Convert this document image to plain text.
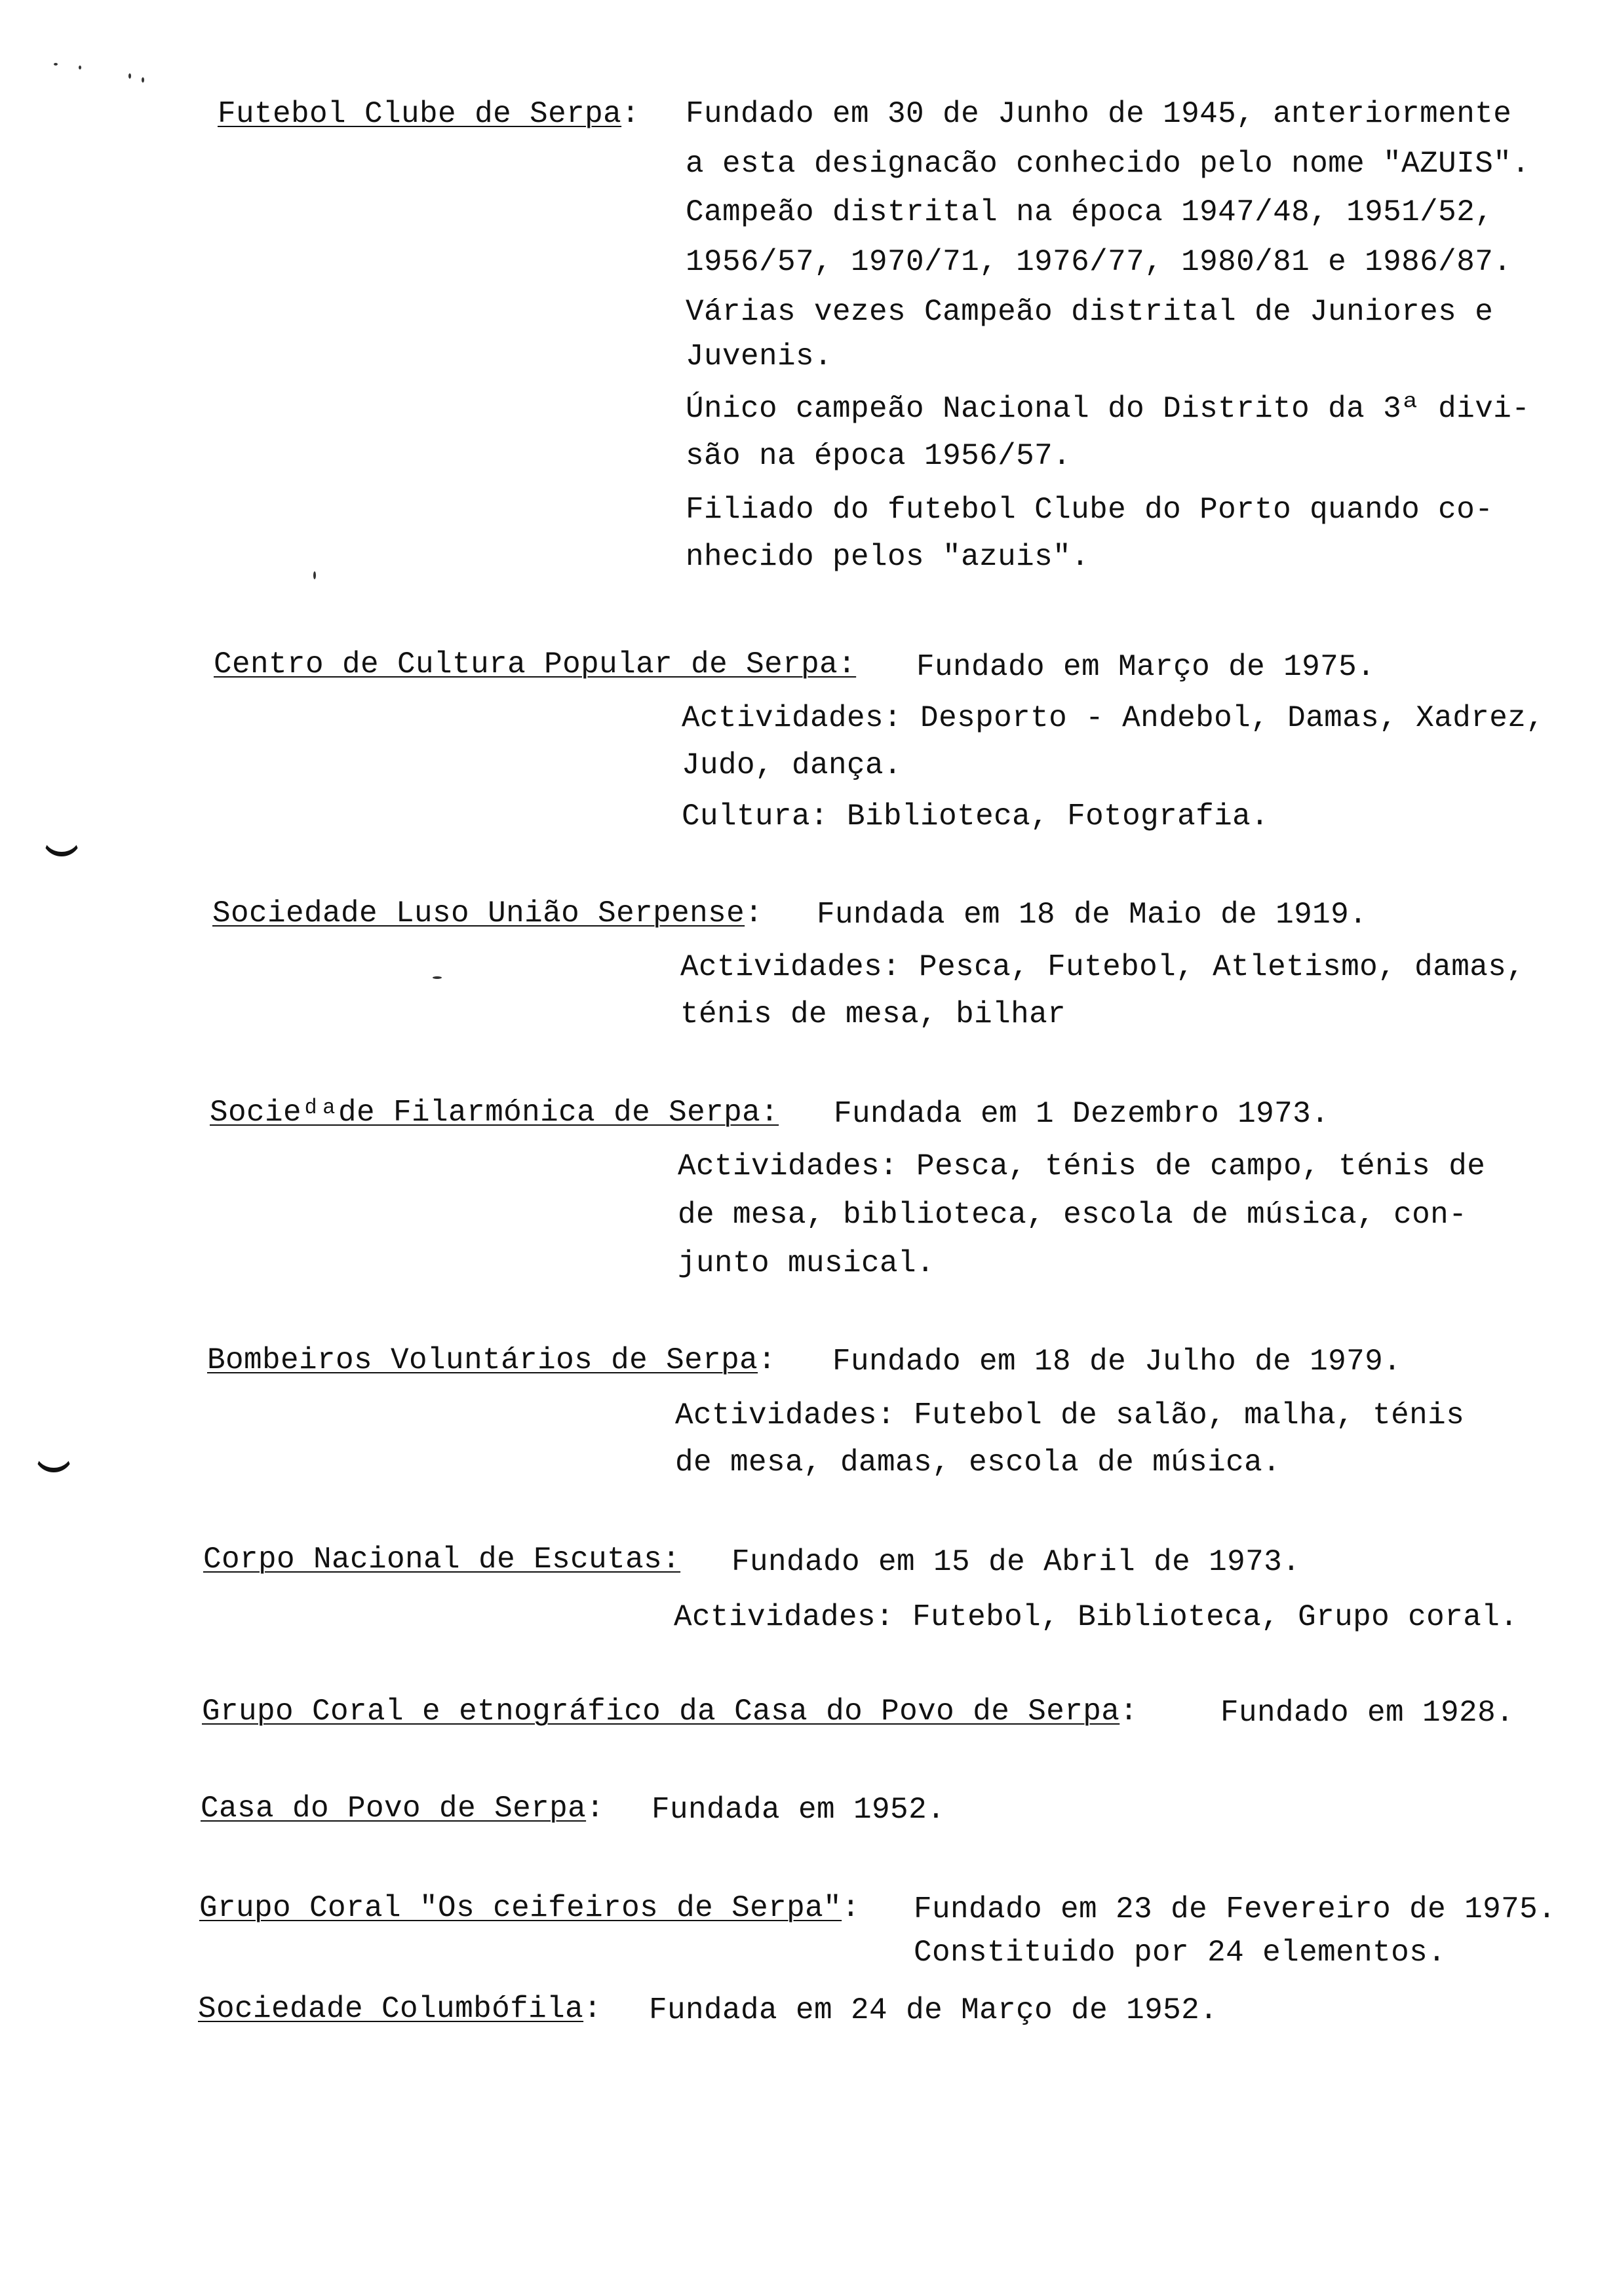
Futebol Clube de Serpa: Fundado em 30 de Junho de 1945, anteriormente
a esta designacão conhecido pelo nome "AZUIS".
Campeão distrital na época 1947/48, 1951/52,
1956/57, 1970/71, 1976/77, 1980/81 e 1986/87.
Várias vezes Campeão distrital de Juniores e
Juvenis.
Único campeão Nacional do Distrito da 3ª divi-
são na época 1956/57.
Filiado do futebol Clube do Porto quando co-
nhecido pelos "azuis".
Centro de Cultura Popular de Serpa: Fundado em Março de 1975.
Actividades: Desporto - Andebol, Damas, Xadrez,
Judo, dança.
Cultura: Biblioteca, Fotografia.
Sociedade Luso União Serpense: Fundada em 18 de Maio de 1919.
Actividades: Pesca, Futebol, Atletismo, damas,
ténis de mesa, bilhar
Socieᵈᵃde Filarmónica de Serpa: Fundada em 1 Dezembro 1973.
Actividades: Pesca, ténis de campo, ténis de
de mesa, biblioteca, escola de música, con-
junto musical.
Bombeiros Voluntários de Serpa: Fundado em 18 de Julho de 1979.
Actividades: Futebol de salão, malha, ténis
de mesa, damas, escola de música.
Corpo Nacional de Escutas: Fundado em 15 de Abril de 1973.
Actividades: Futebol, Biblioteca, Grupo coral.
Grupo Coral e etnográfico da Casa do Povo de Serpa:	Fundado em 1928.
Casa do Povo de Serpa: Fundada em 1952.
Grupo Coral "Os ceifeiros de Serpa": Fundado em 23 de Fevereiro de 1975.
Constituido por 24 elementos.
Sociedade Columbófila: Fundada em 24 de Março de 1952.
